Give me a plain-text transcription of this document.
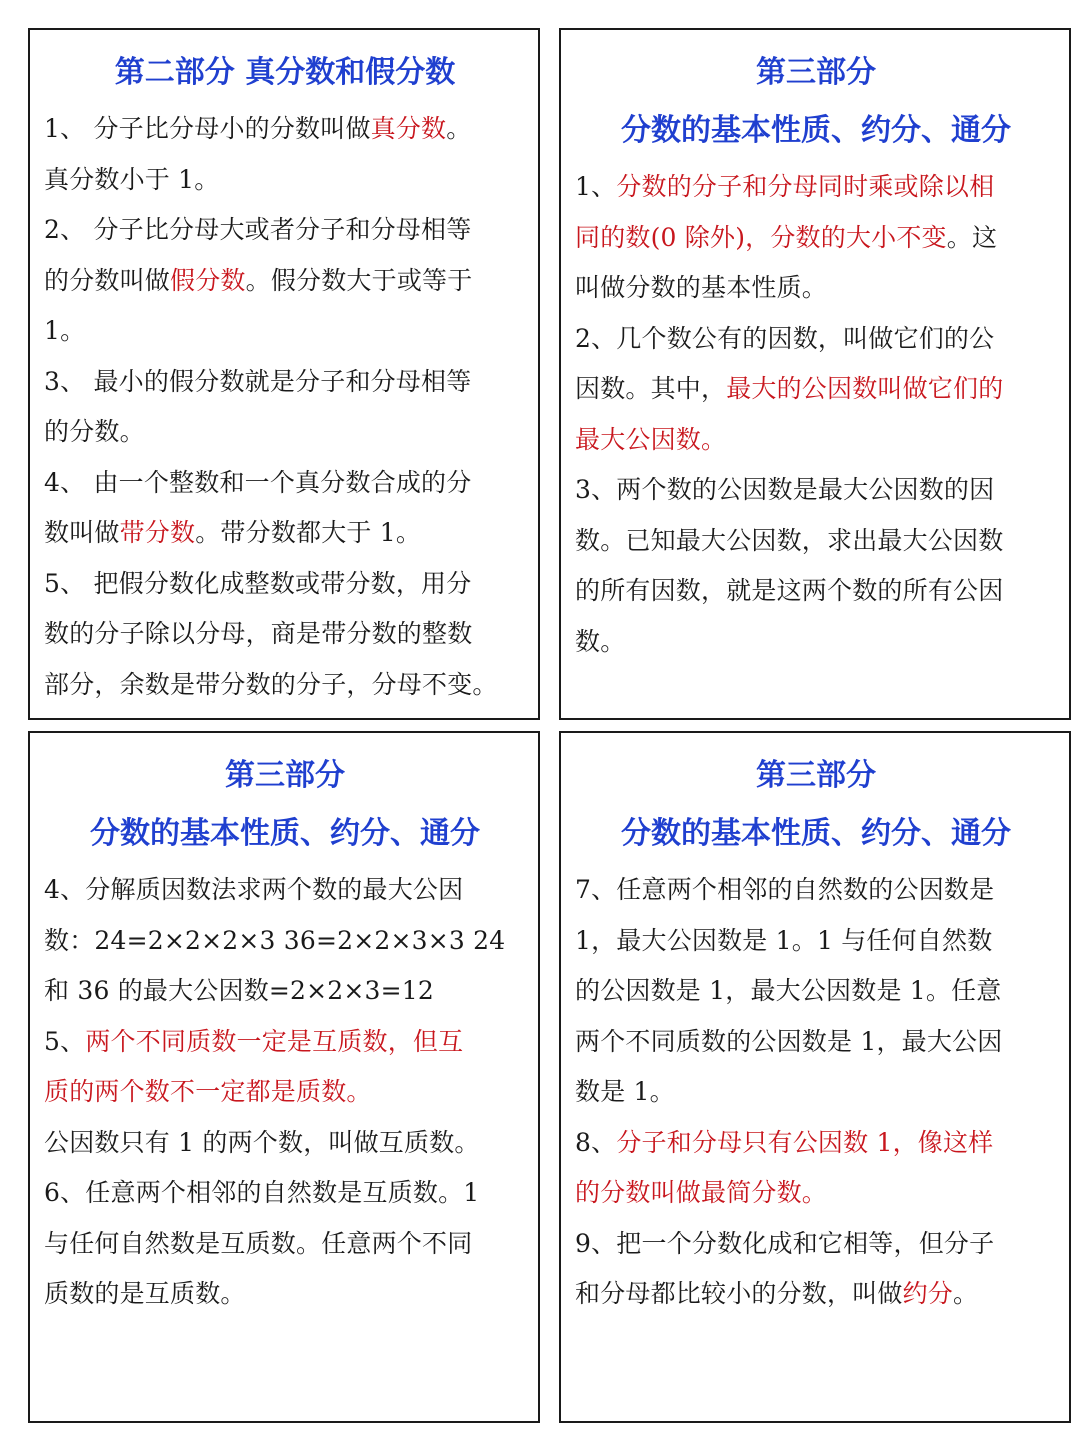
第二部分 真分数和假分数
1、 分子比分母小的分数叫做真分数。
真分数小于 1。
2、 分子比分母大或者分子和分母相等
的分数叫做假分数。假分数大于或等于
1。
3、 最小的假分数就是分子和分母相等
的分数。
4、 由一个整数和一个真分数合成的分
数叫做带分数。带分数都大于 1。
5、 把假分数化成整数或带分数，用分
数的分子除以分母，商是带分数的整数
部分，余数是带分数的分子，分母不变。
第三部分
分数的基本性质、约分、通分
1、分数的分子和分母同时乘或除以相
同的数(0 除外)，分数的大小不变。这
叫做分数的基本性质。
2、几个数公有的因数，叫做它们的公
因数。其中，最大的公因数叫做它们的
最大公因数。
3、两个数的公因数是最大公因数的因
数。已知最大公因数，求出最大公因数
的所有因数，就是这两个数的所有公因
数。
第三部分
分数的基本性质、约分、通分
4、分解质因数法求两个数的最大公因
数：24=2×2×2×3 36=2×2×3×3 24
和 36 的最大公因数=2×2×3=12
5、两个不同质数一定是互质数，但互
质的两个数不一定都是质数。
公因数只有 1 的两个数，叫做互质数。
6、任意两个相邻的自然数是互质数。1
与任何自然数是互质数。任意两个不同
质数的是互质数。
第三部分
分数的基本性质、约分、通分
7、任意两个相邻的自然数的公因数是
1，最大公因数是 1。1 与任何自然数
的公因数是 1，最大公因数是 1。任意
两个不同质数的公因数是 1，最大公因
数是 1。
8、分子和分母只有公因数 1，像这样
的分数叫做最简分数。
9、把一个分数化成和它相等，但分子
和分母都比较小的分数，叫做约分。
